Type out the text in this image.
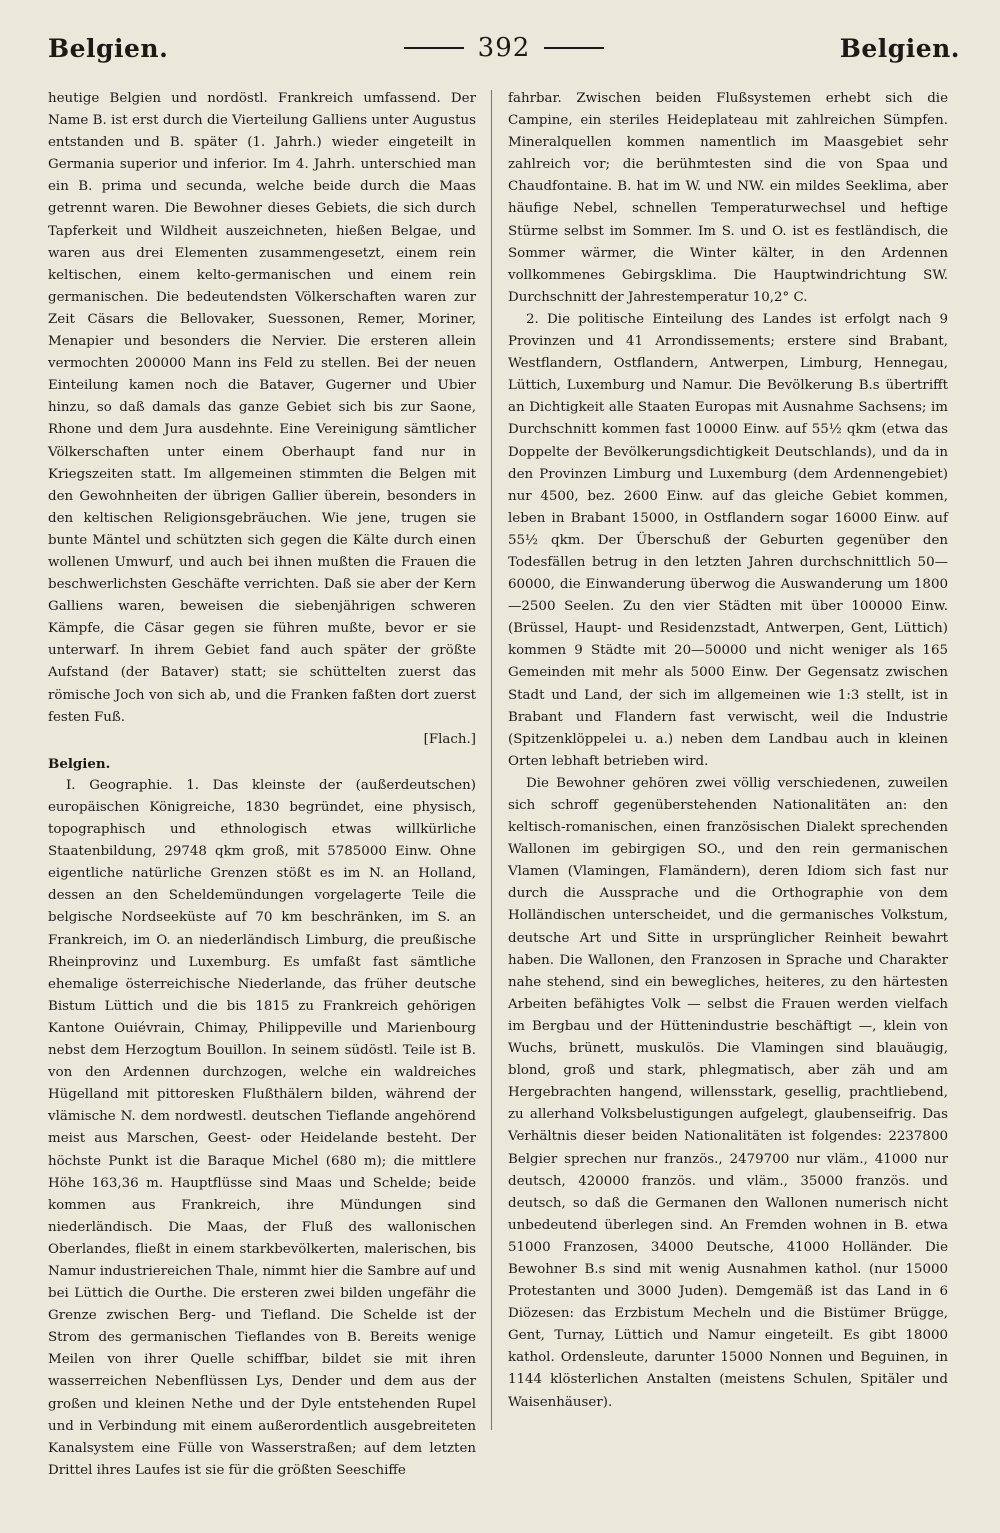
Belgien.	392	Belgien.

heutige Belgien und nordöstl. Frankreich umfassend. Der Name B. ist erst durch die Vierteilung Galliens unter Augustus entstanden und B. später (1. Jahrh.) wieder eingeteilt in Germania superior und inferior. Im 4. Jahrh. unterschied man ein B. prima und secunda, welche beide durch die Maas getrennt waren. Die Bewohner dieses Gebiets, die sich durch Tapferkeit und Wildheit auszeichneten, hießen Belgae, und waren aus drei Elementen zusammengesetzt, einem rein keltischen, einem kelto-germanischen und einem rein germanischen. Die bedeutendsten Völkerschaften waren zur Zeit Cäsars die Bellovaker, Suessonen, Remer, Moriner, Menapier und besonders die Nervier. Die ersteren allein vermochten 200000 Mann ins Feld zu stellen. Bei der neuen Einteilung kamen noch die Bataver, Gugerner und Ubier hinzu, so daß damals das ganze Gebiet sich bis zur Saone, Rhone und dem Jura ausdehnte. Eine Vereinigung sämtlicher Völkerschaften unter einem Oberhaupt fand nur in Kriegszeiten statt. Im allgemeinen stimmten die Belgen mit den Gewohnheiten der übrigen Gallier überein, besonders in den keltischen Religionsgebräuchen. Wie jene, trugen sie bunte Mäntel und schützten sich gegen die Kälte durch einen wollenen Umwurf, und auch bei ihnen mußten die Frauen die beschwerlichsten Geschäfte verrichten. Daß sie aber der Kern Galliens waren, beweisen die siebenjährigen schweren Kämpfe, die Cäsar gegen sie führen mußte, bevor er sie unterwarf. In ihrem Gebiet fand auch später der größte Aufstand (der Bataver) statt; sie schüttelten zuerst das römische Joch von sich ab, und die Franken faßten dort zuerst festen Fuß.

[Flach.]

Belgien.

I. Geographie. 1. Das kleinste der (außerdeutschen) europäischen Königreiche, 1830 begründet, eine physisch, topographisch und ethnologisch etwas willkürliche Staatenbildung, 29748 qkm groß, mit 5785000 Einw. Ohne eigentliche natürliche Grenzen stößt es im N. an Holland, dessen an den Scheldemündungen vorgelagerte Teile die belgische Nordseeküste auf 70 km beschränken, im S. an Frankreich, im O. an niederländisch Limburg, die preußische Rheinprovinz und Luxemburg. Es umfaßt fast sämtliche ehemalige österreichische Niederlande, das früher deutsche Bistum Lüttich und die bis 1815 zu Frankreich gehörigen Kantone Ouiévrain, Chimay, Philippeville und Marienbourg nebst dem Herzogtum Bouillon. In seinem südöstl. Teile ist B. von den Ardennen durchzogen, welche ein waldreiches Hügelland mit pittoresken Flußthälern bilden, während der vlämische N. dem nordwestl. deutschen Tieflande angehörend meist aus Marschen, Geest- oder Heidelande besteht. Der höchste Punkt ist die Baraque Michel (680 m); die mittlere Höhe 163,36 m. Hauptflüsse sind Maas und Schelde; beide kommen aus Frankreich, ihre Mündungen sind niederländisch. Die Maas, der Fluß des wallonischen Oberlandes, fließt in einem starkbevölkerten, malerischen, bis Namur industriereichen Thale, nimmt hier die Sambre auf und bei Lüttich die Ourthe. Die ersteren zwei bilden ungefähr die Grenze zwischen Berg- und Tiefland. Die Schelde ist der Strom des germanischen Tieflandes von B. Bereits wenige Meilen von ihrer Quelle schiffbar, bildet sie mit ihren wasserreichen Nebenflüssen Lys, Dender und dem aus der großen und kleinen Nethe und der Dyle entstehenden Rupel und in Verbindung mit einem außerordentlich ausgebreiteten Kanalsystem eine Fülle von Wasserstraßen; auf dem letzten Drittel ihres Laufes ist sie für die größten Seeschiffe

fahrbar. Zwischen beiden Flußsystemen erhebt sich die Campine, ein steriles Heideplateau mit zahlreichen Sümpfen. Mineralquellen kommen namentlich im Maasgebiet sehr zahlreich vor; die berühmtesten sind die von Spaa und Chaudfontaine. B. hat im W. und NW. ein mildes Seeklima, aber häufige Nebel, schnellen Temperaturwechsel und heftige Stürme selbst im Sommer. Im S. und O. ist es festländisch, die Sommer wärmer, die Winter kälter, in den Ardennen vollkommenes Gebirgsklima. Die Hauptwindrichtung SW. Durchschnitt der Jahrestemperatur 10,2° C.

2. Die politische Einteilung des Landes ist erfolgt nach 9 Provinzen und 41 Arrondissements; erstere sind Brabant, Westflandern, Ostflandern, Antwerpen, Limburg, Hennegau, Lüttich, Luxemburg und Namur. Die Bevölkerung B.s übertrifft an Dichtigkeit alle Staaten Europas mit Ausnahme Sachsens; im Durchschnitt kommen fast 10000 Einw. auf 55½ qkm (etwa das Doppelte der Bevölkerungsdichtigkeit Deutschlands), und da in den Provinzen Limburg und Luxemburg (dem Ardennengebiet) nur 4500, bez. 2600 Einw. auf das gleiche Gebiet kommen, leben in Brabant 15000, in Ostflandern sogar 16000 Einw. auf 55½ qkm. Der Überschuß der Geburten gegenüber den Todesfällen betrug in den letzten Jahren durchschnittlich 50—60000, die Einwanderung überwog die Auswanderung um 1800—2500 Seelen. Zu den vier Städten mit über 100000 Einw. (Brüssel, Haupt- und Residenzstadt, Antwerpen, Gent, Lüttich) kommen 9 Städte mit 20—50000 und nicht weniger als 165 Gemeinden mit mehr als 5000 Einw. Der Gegensatz zwischen Stadt und Land, der sich im allgemeinen wie 1:3 stellt, ist in Brabant und Flandern fast verwischt, weil die Industrie (Spitzenklöppelei u. a.) neben dem Landbau auch in kleinen Orten lebhaft betrieben wird.

Die Bewohner gehören zwei völlig verschiedenen, zuweilen sich schroff gegenüberstehenden Nationalitäten an: den keltisch-romanischen, einen französischen Dialekt sprechenden Wallonen im gebirgigen SO., und den rein germanischen Vlamen (Vlamingen, Flamändern), deren Idiom sich fast nur durch die Aussprache und die Orthographie von dem Holländischen unterscheidet, und die germanisches Volkstum, deutsche Art und Sitte in ursprünglicher Reinheit bewahrt haben. Die Wallonen, den Franzosen in Sprache und Charakter nahe stehend, sind ein bewegliches, heiteres, zu den härtesten Arbeiten befähigtes Volk — selbst die Frauen werden vielfach im Bergbau und der Hüttenindustrie beschäftigt —, klein von Wuchs, brünett, muskulös. Die Vlamingen sind blauäugig, blond, groß und stark, phlegmatisch, aber zäh und am Hergebrachten hangend, willensstark, gesellig, prachtliebend, zu allerhand Volksbelustigungen aufgelegt, glaubenseifrig. Das Verhältnis dieser beiden Nationalitäten ist folgendes: 2237800 Belgier sprechen nur französ., 2479700 nur vläm., 41000 nur deutsch, 420000 französ. und vläm., 35000 französ. und deutsch, so daß die Germanen den Wallonen numerisch nicht unbedeutend überlegen sind. An Fremden wohnen in B. etwa 51000 Franzosen, 34000 Deutsche, 41000 Holländer. Die Bewohner B.s sind mit wenig Ausnahmen kathol. (nur 15000 Protestanten und 3000 Juden). Demgemäß ist das Land in 6 Diözesen: das Erzbistum Mecheln und die Bistümer Brügge, Gent, Turnay, Lüttich und Namur eingeteilt. Es gibt 18000 kathol. Ordensleute, darunter 15000 Nonnen und Beguinen, in 1144 klösterlichen Anstalten (meistens Schulen, Spitäler und Waisenhäuser).
